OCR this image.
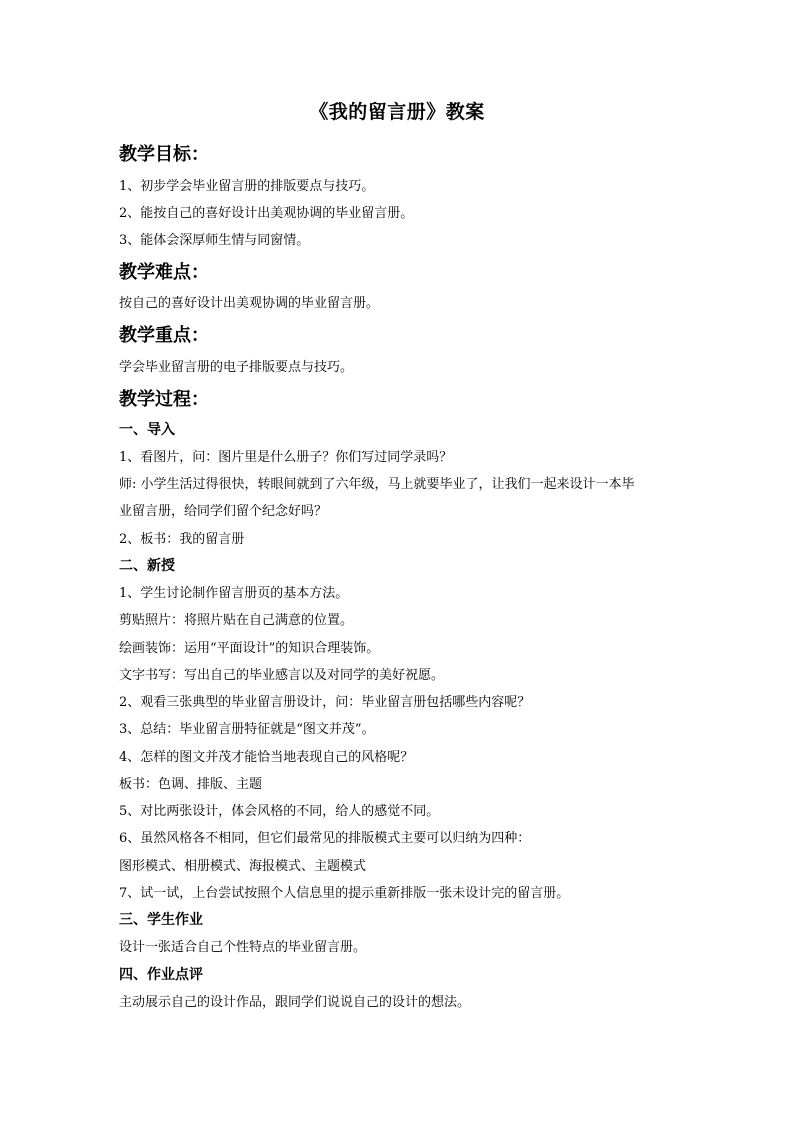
《我的留言册》教案
教学目标：
1、初步学会毕业留言册的排版要点与技巧。
2、能按自己的喜好设计出美观协调的毕业留言册。
3、能体会深厚师生情与同窗情。
教学难点：
按自己的喜好设计出美观协调的毕业留言册。
教学重点：
学会毕业留言册的电子排版要点与技巧。
教学过程：
一、导入
1、看图片，问：图片里是什么册子？你们写过同学录吗？
师: 小学生活过得很快，转眼间就到了六年级，马上就要毕业了，让我们一起来设计一本毕
业留言册，给同学们留个纪念好吗？
2、板书：我的留言册
二、新授
1、学生讨论制作留言册页的基本方法。
剪贴照片：将照片贴在自己满意的位置。
绘画装饰：运用“平面设计”的知识合理装饰。
文字书写：写出自己的毕业感言以及对同学的美好祝愿。
2、观看三张典型的毕业留言册设计，问：毕业留言册包括哪些内容呢？
3、总结：毕业留言册特征就是“图文并茂”。
4、怎样的图文并茂才能恰当地表现自己的风格呢？
板书：色调、排版、主题
5、对比两张设计，体会风格的不同，给人的感觉不同。
6、虽然风格各不相同，但它们最常见的排版模式主要可以归纳为四种：
图形模式、相册模式、海报模式、主题模式
7、试一试，上台尝试按照个人信息里的提示重新排版一张未设计完的留言册。
三、学生作业
设计一张适合自己个性特点的毕业留言册。
四、作业点评
主动展示自己的设计作品，跟同学们说说自己的设计的想法。
